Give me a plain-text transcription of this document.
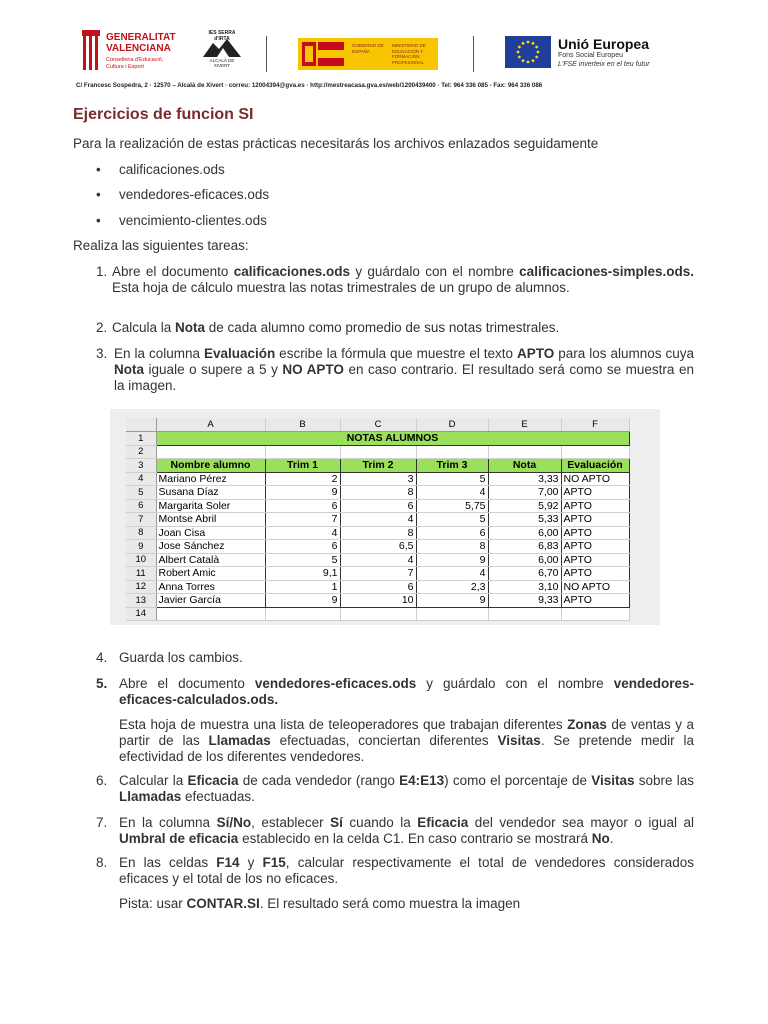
GENERALITAT
VALENCIANA
Conselleria d'Educació,
Cultura i Esport
IES SERRA d'IRTA
ALCALÀ DE XIVERT
GOBIERNO DE ESPAÑA
MINISTERIO DE EDUCACIÓN Y FORMACIÓN PROFESIONAL
Unió Europea
Fons Social Europeu
L'FSE inverteix en el teu futur
C/ Francesc Sospedra, 2 · 12570 – Alcalà de Xivert · correu: 12004394@gva.es · http://mestreacasa.gva.es/web/1200439400 · Tel: 964 336 085 - Fax: 964 336 086
Ejercicios de funcion SI
Para la realización de estas prácticas necesitarás los archivos enlazados seguidamente
• calificaciones.ods
• vendedores-eficaces.ods
• vencimiento-clientes.ods
Realiza las siguientes tareas:
1. Abre el documento calificaciones.ods y guárdalo con el nombre calificaciones-simples.ods. Esta hoja de cálculo muestra las notas trimestrales de un grupo de alumnos.
2. Calcula la Nota de cada alumno como promedio de sus notas trimestrales.
3. En la columna Evaluación escribe la fórmula que muestre el texto APTO para los alumnos cuya Nota iguale o supere a 5 y NO APTO en caso contrario. El resultado será como se muestra en la imagen.
	A	B	C	D	E	F
1	NOTAS ALUMNOS					
2						
3	Nombre alumno	Trim 1	Trim 2	Trim 3	Nota	Evaluación
4	Mariano Pérez	2	3	5	3,33	NO APTO
5	Susana Díaz	9	8	4	7,00	APTO
6	Margarita Soler	6	6	5,75	5,92	APTO
7	Montse Abril	7	4	5	5,33	APTO
8	Joan Cisa	4	8	6	6,00	APTO
9	Jose Sánchez	6	6,5	8	6,83	APTO
10	Albert Català	5	4	9	6,00	APTO
11	Robert Amic	9,1	7	4	6,70	APTO
12	Anna Torres	1	6	2,3	3,10	NO APTO
13	Javier García	9	10	9	9,33	APTO
14						
4. Guarda los cambios.
5. Abre el documento vendedores-eficaces.ods y guárdalo con el nombre vendedores-eficaces-calculados.ods.
Esta hoja de muestra una lista de teleoperadores que trabajan diferentes Zonas de ventas y a partir de las Llamadas efectuadas, conciertan diferentes Visitas. Se pretende medir la efectividad de los diferentes vendedores.
6. Calcular la Eficacia de cada vendedor (rango E4:E13) como el porcentaje de Visitas sobre las Llamadas efectuadas.
7. En la columna Sí/No, establecer Sí cuando la Eficacia del vendedor sea mayor o igual al Umbral de eficacia establecido en la celda C1. En caso contrario se mostrará No.
8. En las celdas F14 y F15, calcular respectivamente el total de vendedores considerados eficaces y el total de los no eficaces.
Pista: usar CONTAR.SI. El resultado será como muestra la imagen
